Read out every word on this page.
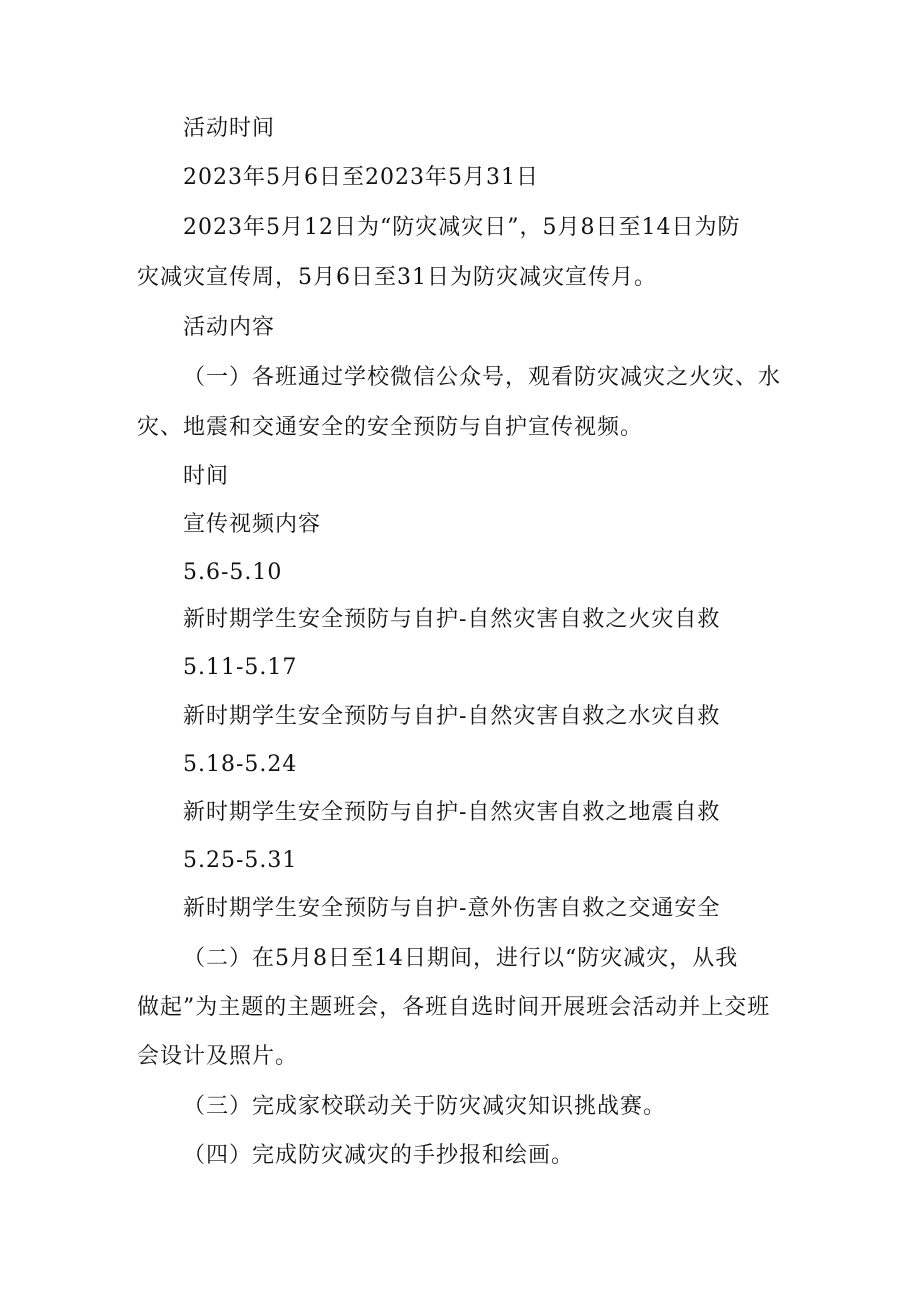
活动时间
2023年5月6日至2023年5月31日
2023年5月12日为“防灾减灾日”，5月8日至14日为防
灾减灾宣传周，5月6日至31日为防灾减灾宣传月。
活动内容
（一）各班通过学校微信公众号，观看防灾减灾之火灾、水
灾、地震和交通安全的安全预防与自护宣传视频。
时间
宣传视频内容
5.6-5.10
新时期学生安全预防与自护-自然灾害自救之火灾自救
5.11-5.17
新时期学生安全预防与自护-自然灾害自救之水灾自救
5.18-5.24
新时期学生安全预防与自护-自然灾害自救之地震自救
5.25-5.31
新时期学生安全预防与自护-意外伤害自救之交通安全
（二）在5月8日至14日期间，进行以“防灾减灾，从我
做起”为主题的主题班会，各班自选时间开展班会活动并上交班
会设计及照片。
（三）完成家校联动关于防灾减灾知识挑战赛。
（四）完成防灾减灾的手抄报和绘画。
